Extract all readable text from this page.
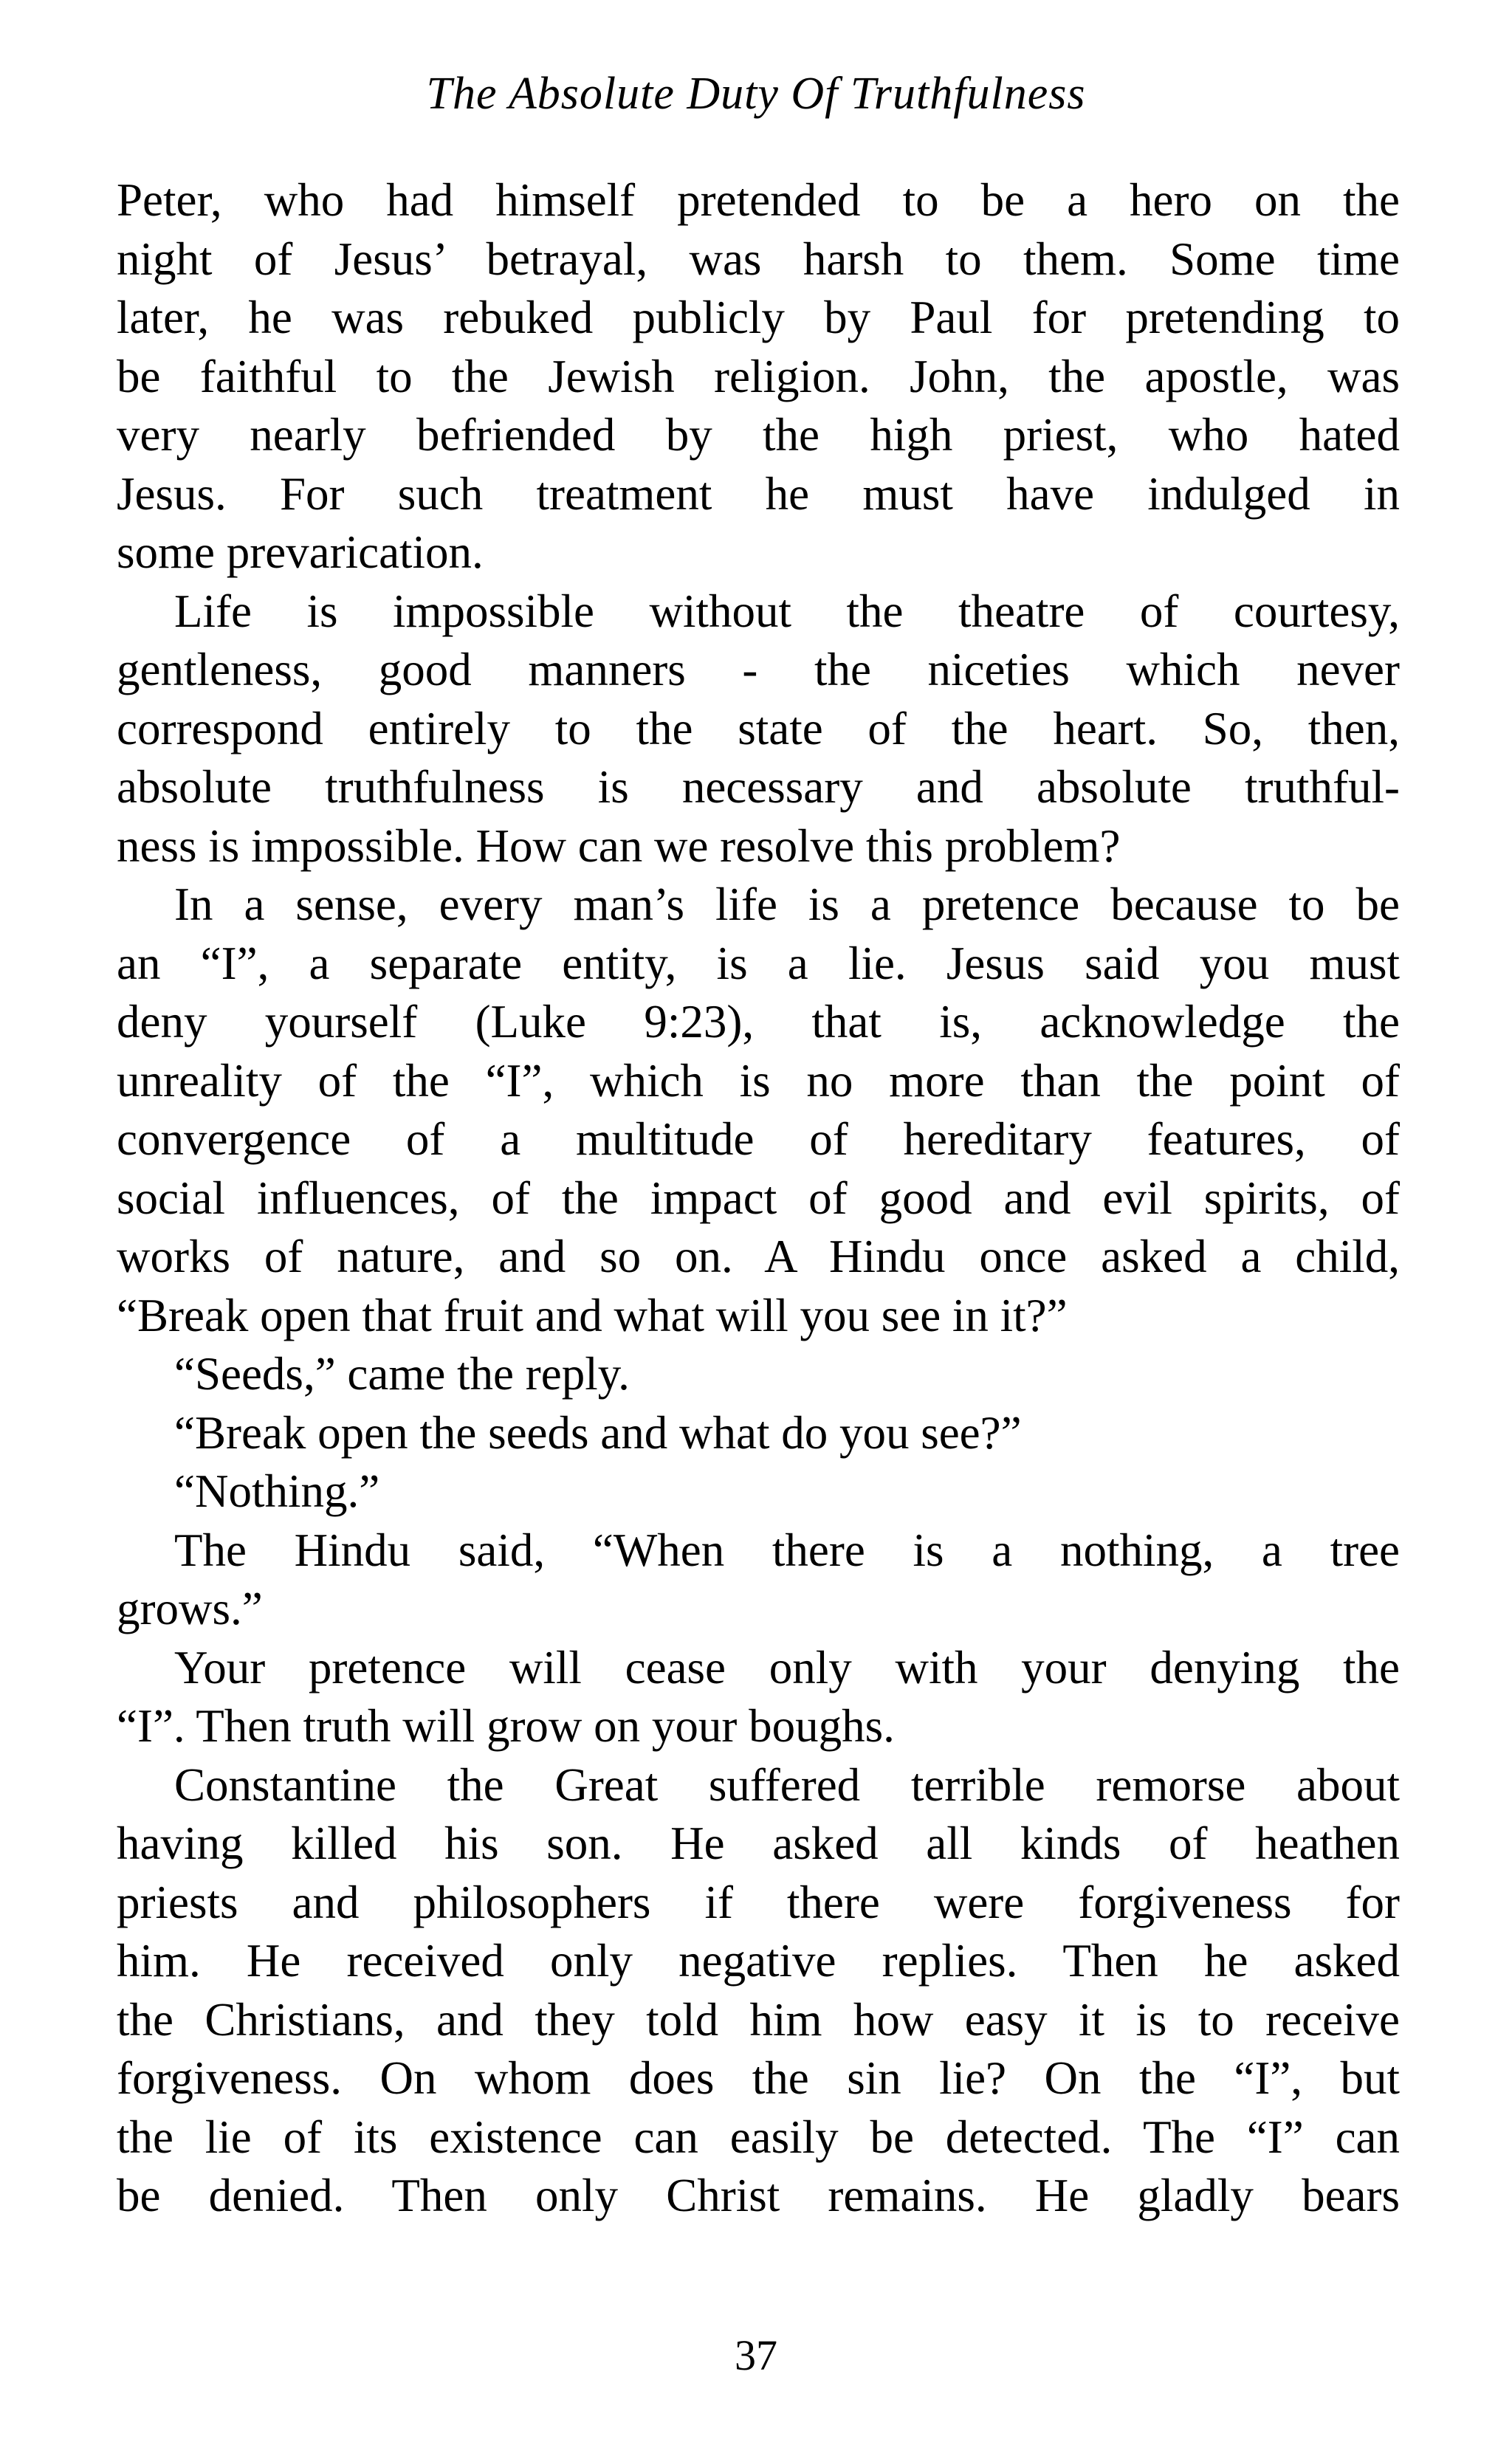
The Absolute Duty Of Truthfulness
Peter, who had himself pretended to be a hero on the
night of Jesus’ betrayal, was harsh to them. Some time
later, he was rebuked publicly by Paul for pretending to
be faithful to the Jewish religion. John, the apostle, was
very nearly befriended by the high priest, who hated
Jesus. For such treatment he must have indulged in
some prevarication.
Life is impossible without the theatre of courtesy,
gentleness, good manners - the niceties which never
correspond entirely to the state of the heart. So, then,
absolute truthfulness is necessary and absolute truthful-
ness is impossible. How can we resolve this problem?
In a sense, every man’s life is a pretence because to be
an “I”, a separate entity, is a lie. Jesus said you must
deny yourself (Luke 9:23), that is, acknowledge the
unreality of the “I”, which is no more than the point of
convergence of a multitude of hereditary features, of
social influences, of the impact of good and evil spirits, of
works of nature, and so on. A Hindu once asked a child,
“Break open that fruit and what will you see in it?”
“Seeds,” came the reply.
“Break open the seeds and what do you see?”
“Nothing.”
The Hindu said, “When there is a nothing, a tree
grows.”
Your pretence will cease only with your denying the
“I”. Then truth will grow on your boughs.
Constantine the Great suffered terrible remorse about
having killed his son. He asked all kinds of heathen
priests and philosophers if there were forgiveness for
him. He received only negative replies. Then he asked
the Christians, and they told him how easy it is to receive
forgiveness. On whom does the sin lie? On the “I”, but
the lie of its existence can easily be detected. The “I” can
be denied. Then only Christ remains. He gladly bears
37
